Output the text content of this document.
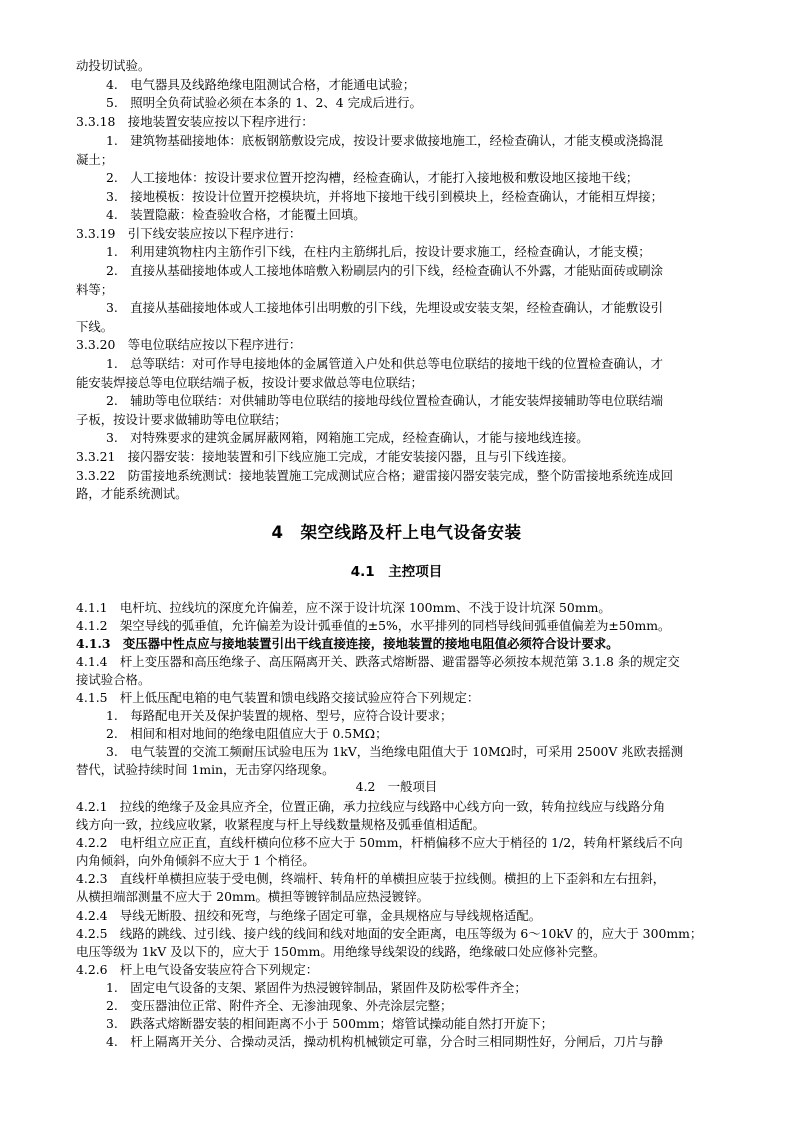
动投切试验。
4.　电气器具及线路绝缘电阻测试合格，才能通电试验；
5.　照明全负荷试验必须在本条的 1、2、4 完成后进行。
3.3.18　接地装置安装应按以下程序进行：
1.　建筑物基础接地体：底板钢筋敷设完成，按设计要求做接地施工，经检查确认，才能支模或浇捣混
凝土；
2.　人工接地体：按设计要求位置开挖沟槽，经检查确认，才能打入接地极和敷设地区接地干线；
3.　接地模板：按设计位置开挖模块坑，并将地下接地干线引到模块上，经检查确认，才能相互焊接；
4.　装置隐蔽：检查验收合格，才能覆土回填。
3.3.19　引下线安装应按以下程序进行：
1.　利用建筑物柱内主筋作引下线，在柱内主筋绑扎后，按设计要求施工，经检查确认，才能支模；
2.　直接从基础接地体或人工接地体暗敷入粉刷层内的引下线，经检查确认不外露，才能贴面砖或刷涂
料等；
3.　直接从基础接地体或人工接地体引出明敷的引下线，先埋设或安装支架，经检查确认，才能敷设引
下线。
3.3.20　等电位联结应按以下程序进行：
1.　总等联结：对可作导电接地体的金属管道入户处和供总等电位联结的接地干线的位置检查确认，才
能安装焊接总等电位联结端子板，按设计要求做总等电位联结；
2.　辅助等电位联结：对供辅助等电位联结的接地母线位置检查确认，才能安装焊接辅助等电位联结端
子板，按设计要求做辅助等电位联结；
3.　对特殊要求的建筑金属屏蔽网箱，网箱施工完成，经检查确认，才能与接地线连接。
3.3.21　接闪器安装：接地装置和引下线应施工完成，才能安装接闪器，且与引下线连接。
3.3.22　防雷接地系统测试：接地装置施工完成测试应合格；避雷接闪器安装完成，整个防雷接地系统连成回
路，才能系统测试。
4　架空线路及杆上电气设备安装
4.1　主控项目
4.1.1　电杆坑、拉线坑的深度允许偏差，应不深于设计坑深 100mm、不浅于设计坑深 50mm。
4.1.2　架空导线的弧垂值，允许偏差为设计弧垂值的±5%，水平排列的同档导线间弧垂值偏差为±50mm。
4.1.3　变压器中性点应与接地装置引出干线直接连接，接地装置的接地电阻值必须符合设计要求。
4.1.4　杆上变压器和高压绝缘子、高压隔离开关、跌落式熔断器、避雷器等必须按本规范第 3.1.8 条的规定交
接试验合格。
4.1.5　杆上低压配电箱的电气装置和馈电线路交接试验应符合下列规定：
1.　每路配电开关及保护装置的规格、型号，应符合设计要求；
2.　相间和相对地间的绝缘电阻值应大于 0.5MΩ；
3.　电气装置的交流工频耐压试验电压为 1kV，当绝缘电阻值大于 10MΩ时，可采用 2500V 兆欧表摇测
替代，试验持续时间 1min，无击穿闪络现象。
4.2　一般项目
4.2.1　拉线的绝缘子及金具应齐全，位置正确，承力拉线应与线路中心线方向一致，转角拉线应与线路分角
线方向一致，拉线应收紧，收紧程度与杆上导线数量规格及弧垂值相适配。
4.2.2　电杆组立应正直，直线杆横向位移不应大于 50mm，杆梢偏移不应大于梢径的 1/2，转角杆紧线后不向
内角倾斜，向外角倾斜不应大于 1 个梢径。
4.2.3　直线杆单横担应装于受电侧，终端杆、转角杆的单横担应装于拉线侧。横担的上下歪斜和左右扭斜，
从横担端部测量不应大于 20mm。横担等镀锌制品应热浸镀锌。
4.2.4　导线无断股、扭绞和死弯，与绝缘子固定可靠，金具规格应与导线规格适配。
4.2.5　线路的跳线、过引线、接户线的线间和线对地面的安全距离，电压等级为 6～10kV 的，应大于 300mm；
电压等级为 1kV 及以下的，应大于 150mm。用绝缘导线架设的线路，绝缘破口处应修补完整。
4.2.6　杆上电气设备安装应符合下列规定：
1.　固定电气设备的支架、紧固件为热浸镀锌制品，紧固件及防松零件齐全；
2.　变压器油位正常、附件齐全、无渗油现象、外壳涂层完整；
3.　跌落式熔断器安装的相间距离不小于 500mm；熔管试操动能自然打开旋下；
4.　杆上隔离开关分、合操动灵活，操动机构机械锁定可靠，分合时三相同期性好，分闸后，刀片与静
